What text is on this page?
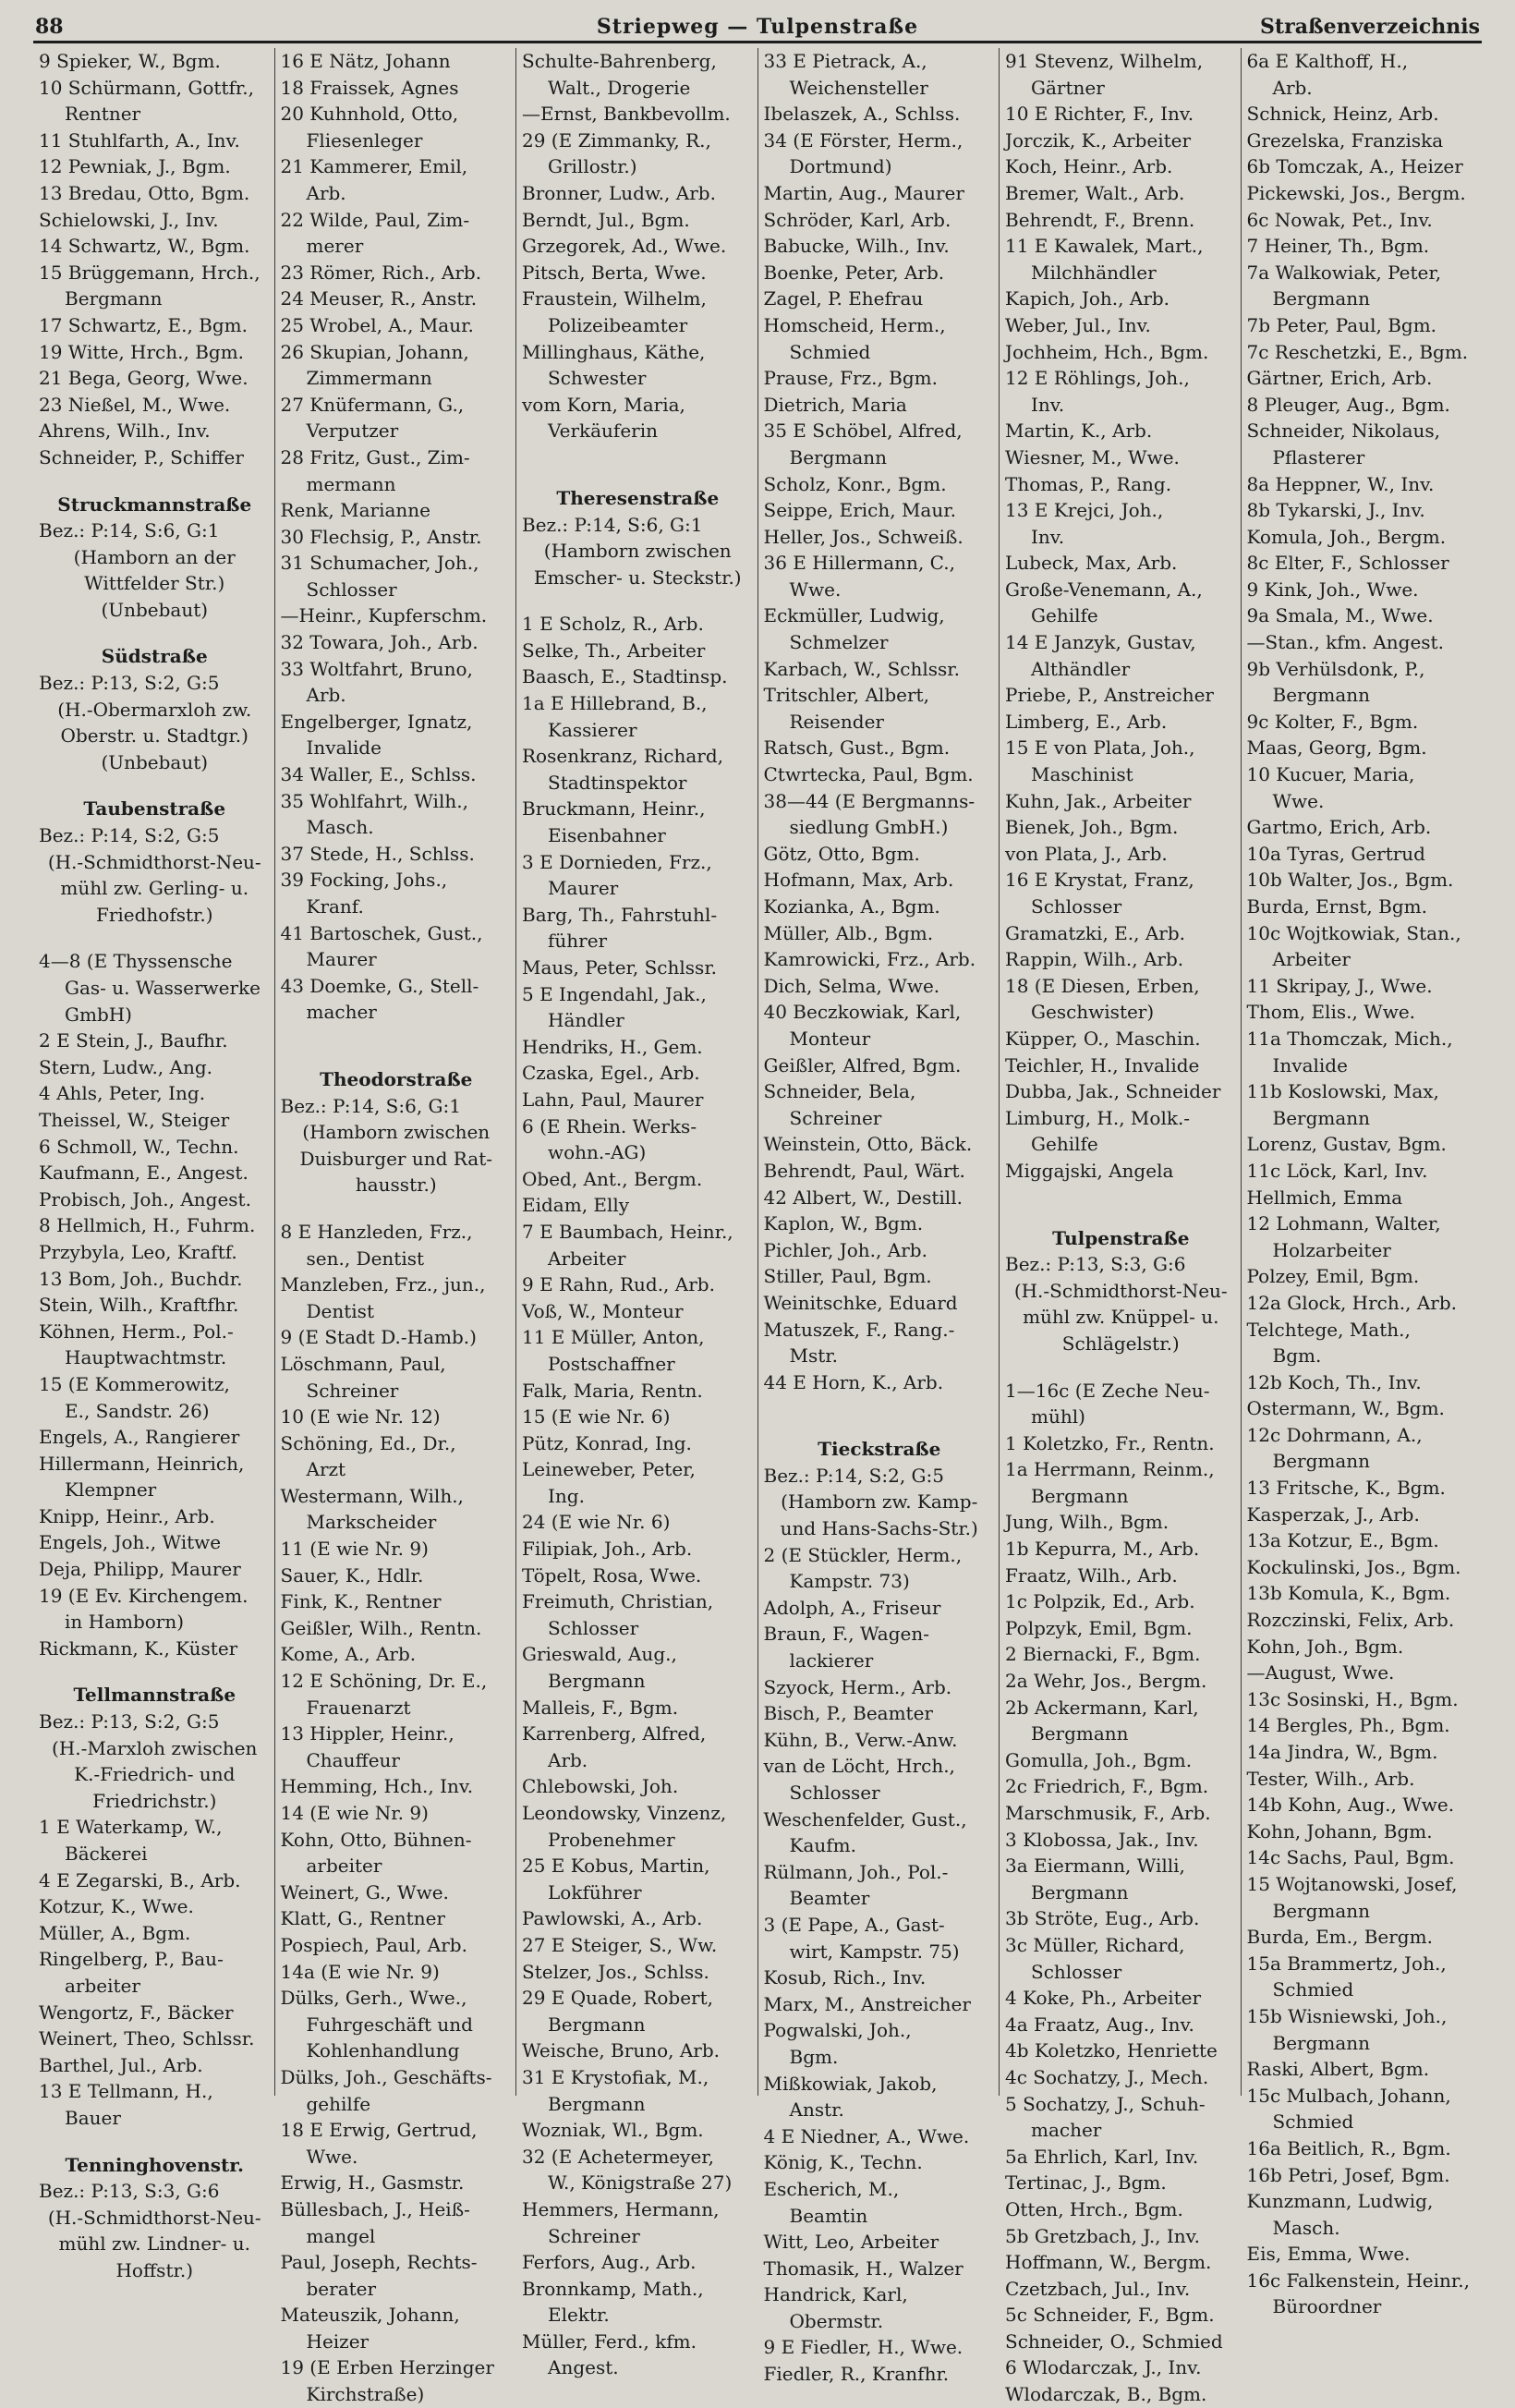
88	Striepweg — Tulpenstraße	Straßenverzeichnis

9 Spieker, W., Bgm.

10 Schürmann, Gottfr.,

Rentner

11 Stuhlfarth, A., Inv.

12 Pewniak, J., Bgm.

13 Bredau, Otto, Bgm.

Schielowski, J., Inv.

14 Schwartz, W., Bgm.

15 Brüggemann, Hrch.,

Bergmann

17 Schwartz, E., Bgm.

19 Witte, Hrch., Bgm.

21 Bega, Georg, Wwe.

23 Nießel, M., Wwe.

Ahrens, Wilh., Inv.

Schneider, P., Schiffer

Struckmannstraße

Bez.: P:14, S:6, G:1

(Hamborn an der

Wittfelder Str.)

(Unbebaut)

Südstraße

Bez.: P:13, S:2, G:5

(H.-Obermarxloh zw.

Oberstr. u. Stadtgr.)

(Unbebaut)

Taubenstraße

Bez.: P:14, S:2, G:5

(H.-Schmidthorst-Neu-

mühl zw. Gerling- u.

Friedhofstr.)

4—8 (E Thyssensche

Gas- u. Wasserwerke

GmbH)

2 E Stein, J., Baufhr.

Stern, Ludw., Ang.

4 Ahls, Peter, Ing.

Theissel, W., Steiger

6 Schmoll, W., Techn.

Kaufmann, E., Angest.

Probisch, Joh., Angest.

8 Hellmich, H., Fuhrm.

Przybyla, Leo, Kraftf.

13 Bom, Joh., Buchdr.

Stein, Wilh., Kraftfhr.

Köhnen, Herm., Pol.-

Hauptwachtmstr.

15 (E Kommerowitz,

E., Sandstr. 26)

Engels, A., Rangierer

Hillermann, Heinrich,

Klempner

Knipp, Heinr., Arb.

Engels, Joh., Witwe

Deja, Philipp, Maurer

19 (E Ev. Kirchengem.

in Hamborn)

Rickmann, K., Küster

Tellmannstraße

Bez.: P:13, S:2, G:5

(H.-Marxloh zwischen

K.-Friedrich- und

Friedrichstr.)

1 E Waterkamp, W.,

Bäckerei

4 E Zegarski, B., Arb.

Kotzur, K., Wwe.

Müller, A., Bgm.

Ringelberg, P., Bau-

arbeiter

Wengortz, F., Bäcker

Weinert, Theo, Schlssr.

Barthel, Jul., Arb.

13 E Tellmann, H.,

Bauer

Tenninghovenstr.

Bez.: P:13, S:3, G:6

(H.-Schmidthorst-Neu-

mühl zw. Lindner- u.

Hoffstr.)

16 E Nätz, Johann

18 Fraissek, Agnes

20 Kuhnhold, Otto,

Fliesenleger

21 Kammerer, Emil,

Arb.

22 Wilde, Paul, Zim-

merer

23 Römer, Rich., Arb.

24 Meuser, R., Anstr.

25 Wrobel, A., Maur.

26 Skupian, Johann,

Zimmermann

27 Knüfermann, G.,

Verputzer

28 Fritz, Gust., Zim-

mermann

Renk, Marianne

30 Flechsig, P., Anstr.

31 Schumacher, Joh.,

Schlosser

—Heinr., Kupferschm.

32 Towara, Joh., Arb.

33 Woltfahrt, Bruno,

Arb.

Engelberger, Ignatz,

Invalide

34 Waller, E., Schlss.

35 Wohlfahrt, Wilh.,

Masch.

37 Stede, H., Schlss.

39 Focking, Johs.,

Kranf.

41 Bartoschek, Gust.,

Maurer

43 Doemke, G., Stell-

macher

Theodorstraße

Bez.: P:14, S:6, G:1

(Hamborn zwischen

Duisburger und Rat-

hausstr.)

8 E Hanzleden, Frz.,

sen., Dentist

Manzleben, Frz., jun.,

Dentist

9 (E Stadt D.-Hamb.)

Löschmann, Paul,

Schreiner

10 (E wie Nr. 12)

Schöning, Ed., Dr.,

Arzt

Westermann, Wilh.,

Markscheider

11 (E wie Nr. 9)

Sauer, K., Hdlr.

Fink, K., Rentner

Geißler, Wilh., Rentn.

Kome, A., Arb.

12 E Schöning, Dr. E.,

Frauenarzt

13 Hippler, Heinr.,

Chauffeur

Hemming, Hch., Inv.

14 (E wie Nr. 9)

Kohn, Otto, Bühnen-

arbeiter

Weinert, G., Wwe.

Klatt, G., Rentner

Pospiech, Paul, Arb.

14a (E wie Nr. 9)

Dülks, Gerh., Wwe.,

Fuhrgeschäft und

Kohlenhandlung

Dülks, Joh., Geschäfts-

gehilfe

18 E Erwig, Gertrud,

Wwe.

Erwig, H., Gasmstr.

Büllesbach, J., Heiß-

mangel

Paul, Joseph, Rechts-

berater

Mateuszik, Johann,

Heizer

19 (E Erben Herzinger

Kirchstraße)

Schulte-Bahrenberg,

Walt., Drogerie

—Ernst, Bankbevollm.

29 (E Zimmanky, R.,

Grillostr.)

Bronner, Ludw., Arb.

Berndt, Jul., Bgm.

Grzegorek, Ad., Wwe.

Pitsch, Berta, Wwe.

Fraustein, Wilhelm,

Polizeibeamter

Millinghaus, Käthe,

Schwester

vom Korn, Maria,

Verkäuferin

Theresenstraße

Bez.: P:14, S:6, G:1

(Hamborn zwischen

Emscher- u. Steckstr.)

1 E Scholz, R., Arb.

Selke, Th., Arbeiter

Baasch, E., Stadtinsp.

1a E Hillebrand, B.,

Kassierer

Rosenkranz, Richard,

Stadtinspektor

Bruckmann, Heinr.,

Eisenbahner

3 E Dornieden, Frz.,

Maurer

Barg, Th., Fahrstuhl-

führer

Maus, Peter, Schlssr.

5 E Ingendahl, Jak.,

Händler

Hendriks, H., Gem.

Czaska, Egel., Arb.

Lahn, Paul, Maurer

6 (E Rhein. Werks-

wohn.-AG)

Obed, Ant., Bergm.

Eidam, Elly

7 E Baumbach, Heinr.,

Arbeiter

9 E Rahn, Rud., Arb.

Voß, W., Monteur

11 E Müller, Anton,

Postschaffner

Falk, Maria, Rentn.

15 (E wie Nr. 6)

Pütz, Konrad, Ing.

Leineweber, Peter,

Ing.

24 (E wie Nr. 6)

Filipiak, Joh., Arb.

Töpelt, Rosa, Wwe.

Freimuth, Christian,

Schlosser

Grieswald, Aug.,

Bergmann

Malleis, F., Bgm.

Karrenberg, Alfred,

Arb.

Chlebowski, Joh.

Leondowsky, Vinzenz,

Probenehmer

25 E Kobus, Martin,

Lokführer

Pawlowski, A., Arb.

27 E Steiger, S., Ww.

Stelzer, Jos., Schlss.

29 E Quade, Robert,

Bergmann

Weische, Bruno, Arb.

31 E Krystofiak, M.,

Bergmann

Wozniak, Wl., Bgm.

32 (E Achetermeyer,

W., Königstraße 27)

Hemmers, Hermann,

Schreiner

Ferfors, Aug., Arb.

Bronnkamp, Math.,

Elektr.

Müller, Ferd., kfm.

Angest.

33 E Pietrack, A.,

Weichensteller

Ibelaszek, A., Schlss.

34 (E Förster, Herm.,

Dortmund)

Martin, Aug., Maurer

Schröder, Karl, Arb.

Babucke, Wilh., Inv.

Boenke, Peter, Arb.

Zagel, P. Ehefrau

Homscheid, Herm.,

Schmied

Prause, Frz., Bgm.

Dietrich, Maria

35 E Schöbel, Alfred,

Bergmann

Scholz, Konr., Bgm.

Seippe, Erich, Maur.

Heller, Jos., Schweiß.

36 E Hillermann, C.,

Wwe.

Eckmüller, Ludwig,

Schmelzer

Karbach, W., Schlssr.

Tritschler, Albert,

Reisender

Ratsch, Gust., Bgm.

Ctwrtecka, Paul, Bgm.

38—44 (E Bergmanns-

siedlung GmbH.)

Götz, Otto, Bgm.

Hofmann, Max, Arb.

Kozianka, A., Bgm.

Müller, Alb., Bgm.

Kamrowicki, Frz., Arb.

Dich, Selma, Wwe.

40 Beczkowiak, Karl,

Monteur

Geißler, Alfred, Bgm.

Schneider, Bela,

Schreiner

Weinstein, Otto, Bäck.

Behrendt, Paul, Wärt.

42 Albert, W., Destill.

Kaplon, W., Bgm.

Pichler, Joh., Arb.

Stiller, Paul, Bgm.

Weinitschke, Eduard

Matuszek, F., Rang.-

Mstr.

44 E Horn, K., Arb.

Tieckstraße

Bez.: P:14, S:2, G:5

(Hamborn zw. Kamp-

und Hans-Sachs-Str.)

2 (E Stückler, Herm.,

Kampstr. 73)

Adolph, A., Friseur

Braun, F., Wagen-

lackierer

Szyock, Herm., Arb.

Bisch, P., Beamter

Kühn, B., Verw.-Anw.

van de Löcht, Hrch.,

Schlosser

Weschenfelder, Gust.,

Kaufm.

Rülmann, Joh., Pol.-

Beamter

3 (E Pape, A., Gast-

wirt, Kampstr. 75)

Kosub, Rich., Inv.

Marx, M., Anstreicher

Pogwalski, Joh.,

Bgm.

Mißkowiak, Jakob,

Anstr.

4 E Niedner, A., Wwe.

König, K., Techn.

Escherich, M.,

Beamtin

Witt, Leo, Arbeiter

Thomasik, H., Walzer

Handrick, Karl,

Obermstr.

9 E Fiedler, H., Wwe.

Fiedler, R., Kranfhr.

91 Stevenz, Wilhelm,

Gärtner

10 E Richter, F., Inv.

Jorczik, K., Arbeiter

Koch, Heinr., Arb.

Bremer, Walt., Arb.

Behrendt, F., Brenn.

11 E Kawalek, Mart.,

Milchhändler

Kapich, Joh., Arb.

Weber, Jul., Inv.

Jochheim, Hch., Bgm.

12 E Röhlings, Joh.,

Inv.

Martin, K., Arb.

Wiesner, M., Wwe.

Thomas, P., Rang.

13 E Krejci, Joh.,

Inv.

Lubeck, Max, Arb.

Große-Venemann, A.,

Gehilfe

14 E Janzyk, Gustav,

Althändler

Priebe, P., Anstreicher

Limberg, E., Arb.

15 E von Plata, Joh.,

Maschinist

Kuhn, Jak., Arbeiter

Bienek, Joh., Bgm.

von Plata, J., Arb.

16 E Krystat, Franz,

Schlosser

Gramatzki, E., Arb.

Rappin, Wilh., Arb.

18 (E Diesen, Erben,

Geschwister)

Küpper, O., Maschin.

Teichler, H., Invalide

Dubba, Jak., Schneider

Limburg, H., Molk.-

Gehilfe

Miggajski, Angela

Tulpenstraße

Bez.: P:13, S:3, G:6

(H.-Schmidthorst-Neu-

mühl zw. Knüppel- u.

Schlägelstr.)

1—16c (E Zeche Neu-

mühl)

1 Koletzko, Fr., Rentn.

1a Herrmann, Reinm.,

Bergmann

Jung, Wilh., Bgm.

1b Kepurra, M., Arb.

Fraatz, Wilh., Arb.

1c Polpzik, Ed., Arb.

Polpzyk, Emil, Bgm.

2 Biernacki, F., Bgm.

2a Wehr, Jos., Bergm.

2b Ackermann, Karl,

Bergmann

Gomulla, Joh., Bgm.

2c Friedrich, F., Bgm.

Marschmusik, F., Arb.

3 Klobossa, Jak., Inv.

3a Eiermann, Willi,

Bergmann

3b Ströte, Eug., Arb.

3c Müller, Richard,

Schlosser

4 Koke, Ph., Arbeiter

4a Fraatz, Aug., Inv.

4b Koletzko, Henriette

4c Sochatzy, J., Mech.

5 Sochatzy, J., Schuh-

macher

5a Ehrlich, Karl, Inv.

Tertinac, J., Bgm.

Otten, Hrch., Bgm.

5b Gretzbach, J., Inv.

Hoffmann, W., Bergm.

Czetzbach, Jul., Inv.

5c Schneider, F., Bgm.

Schneider, O., Schmied

6 Wlodarczak, J., Inv.

Wlodarczak, B., Bgm.

6a E Kalthoff, H.,

Arb.

Schnick, Heinz, Arb.

Grezelska, Franziska

6b Tomczak, A., Heizer

Pickewski, Jos., Bergm.

6c Nowak, Pet., Inv.

7 Heiner, Th., Bgm.

7a Walkowiak, Peter,

Bergmann

7b Peter, Paul, Bgm.

7c Reschetzki, E., Bgm.

Gärtner, Erich, Arb.

8 Pleuger, Aug., Bgm.

Schneider, Nikolaus,

Pflasterer

8a Heppner, W., Inv.

8b Tykarski, J., Inv.

Komula, Joh., Bergm.

8c Elter, F., Schlosser

9 Kink, Joh., Wwe.

9a Smala, M., Wwe.

—Stan., kfm. Angest.

9b Verhülsdonk, P.,

Bergmann

9c Kolter, F., Bgm.

Maas, Georg, Bgm.

10 Kucuer, Maria,

Wwe.

Gartmo, Erich, Arb.

10a Tyras, Gertrud

10b Walter, Jos., Bgm.

Burda, Ernst, Bgm.

10c Wojtkowiak, Stan.,

Arbeiter

11 Skripay, J., Wwe.

Thom, Elis., Wwe.

11a Thomczak, Mich.,

Invalide

11b Koslowski, Max,

Bergmann

Lorenz, Gustav, Bgm.

11c Löck, Karl, Inv.

Hellmich, Emma

12 Lohmann, Walter,

Holzarbeiter

Polzey, Emil, Bgm.

12a Glock, Hrch., Arb.

Telchtege, Math.,

Bgm.

12b Koch, Th., Inv.

Ostermann, W., Bgm.

12c Dohrmann, A.,

Bergmann

13 Fritsche, K., Bgm.

Kasperzak, J., Arb.

13a Kotzur, E., Bgm.

Kockulinski, Jos., Bgm.

13b Komula, K., Bgm.

Rozczinski, Felix, Arb.

Kohn, Joh., Bgm.

—August, Wwe.

13c Sosinski, H., Bgm.

14 Bergles, Ph., Bgm.

14a Jindra, W., Bgm.

Tester, Wilh., Arb.

14b Kohn, Aug., Wwe.

Kohn, Johann, Bgm.

14c Sachs, Paul, Bgm.

15 Wojtanowski, Josef,

Bergmann

Burda, Em., Bergm.

15a Brammertz, Joh.,

Schmied

15b Wisniewski, Joh.,

Bergmann

Raski, Albert, Bgm.

15c Mulbach, Johann,

Schmied

16a Beitlich, R., Bgm.

16b Petri, Josef, Bgm.

Kunzmann, Ludwig,

Masch.

Eis, Emma, Wwe.

16c Falkenstein, Heinr.,

Büroordner
